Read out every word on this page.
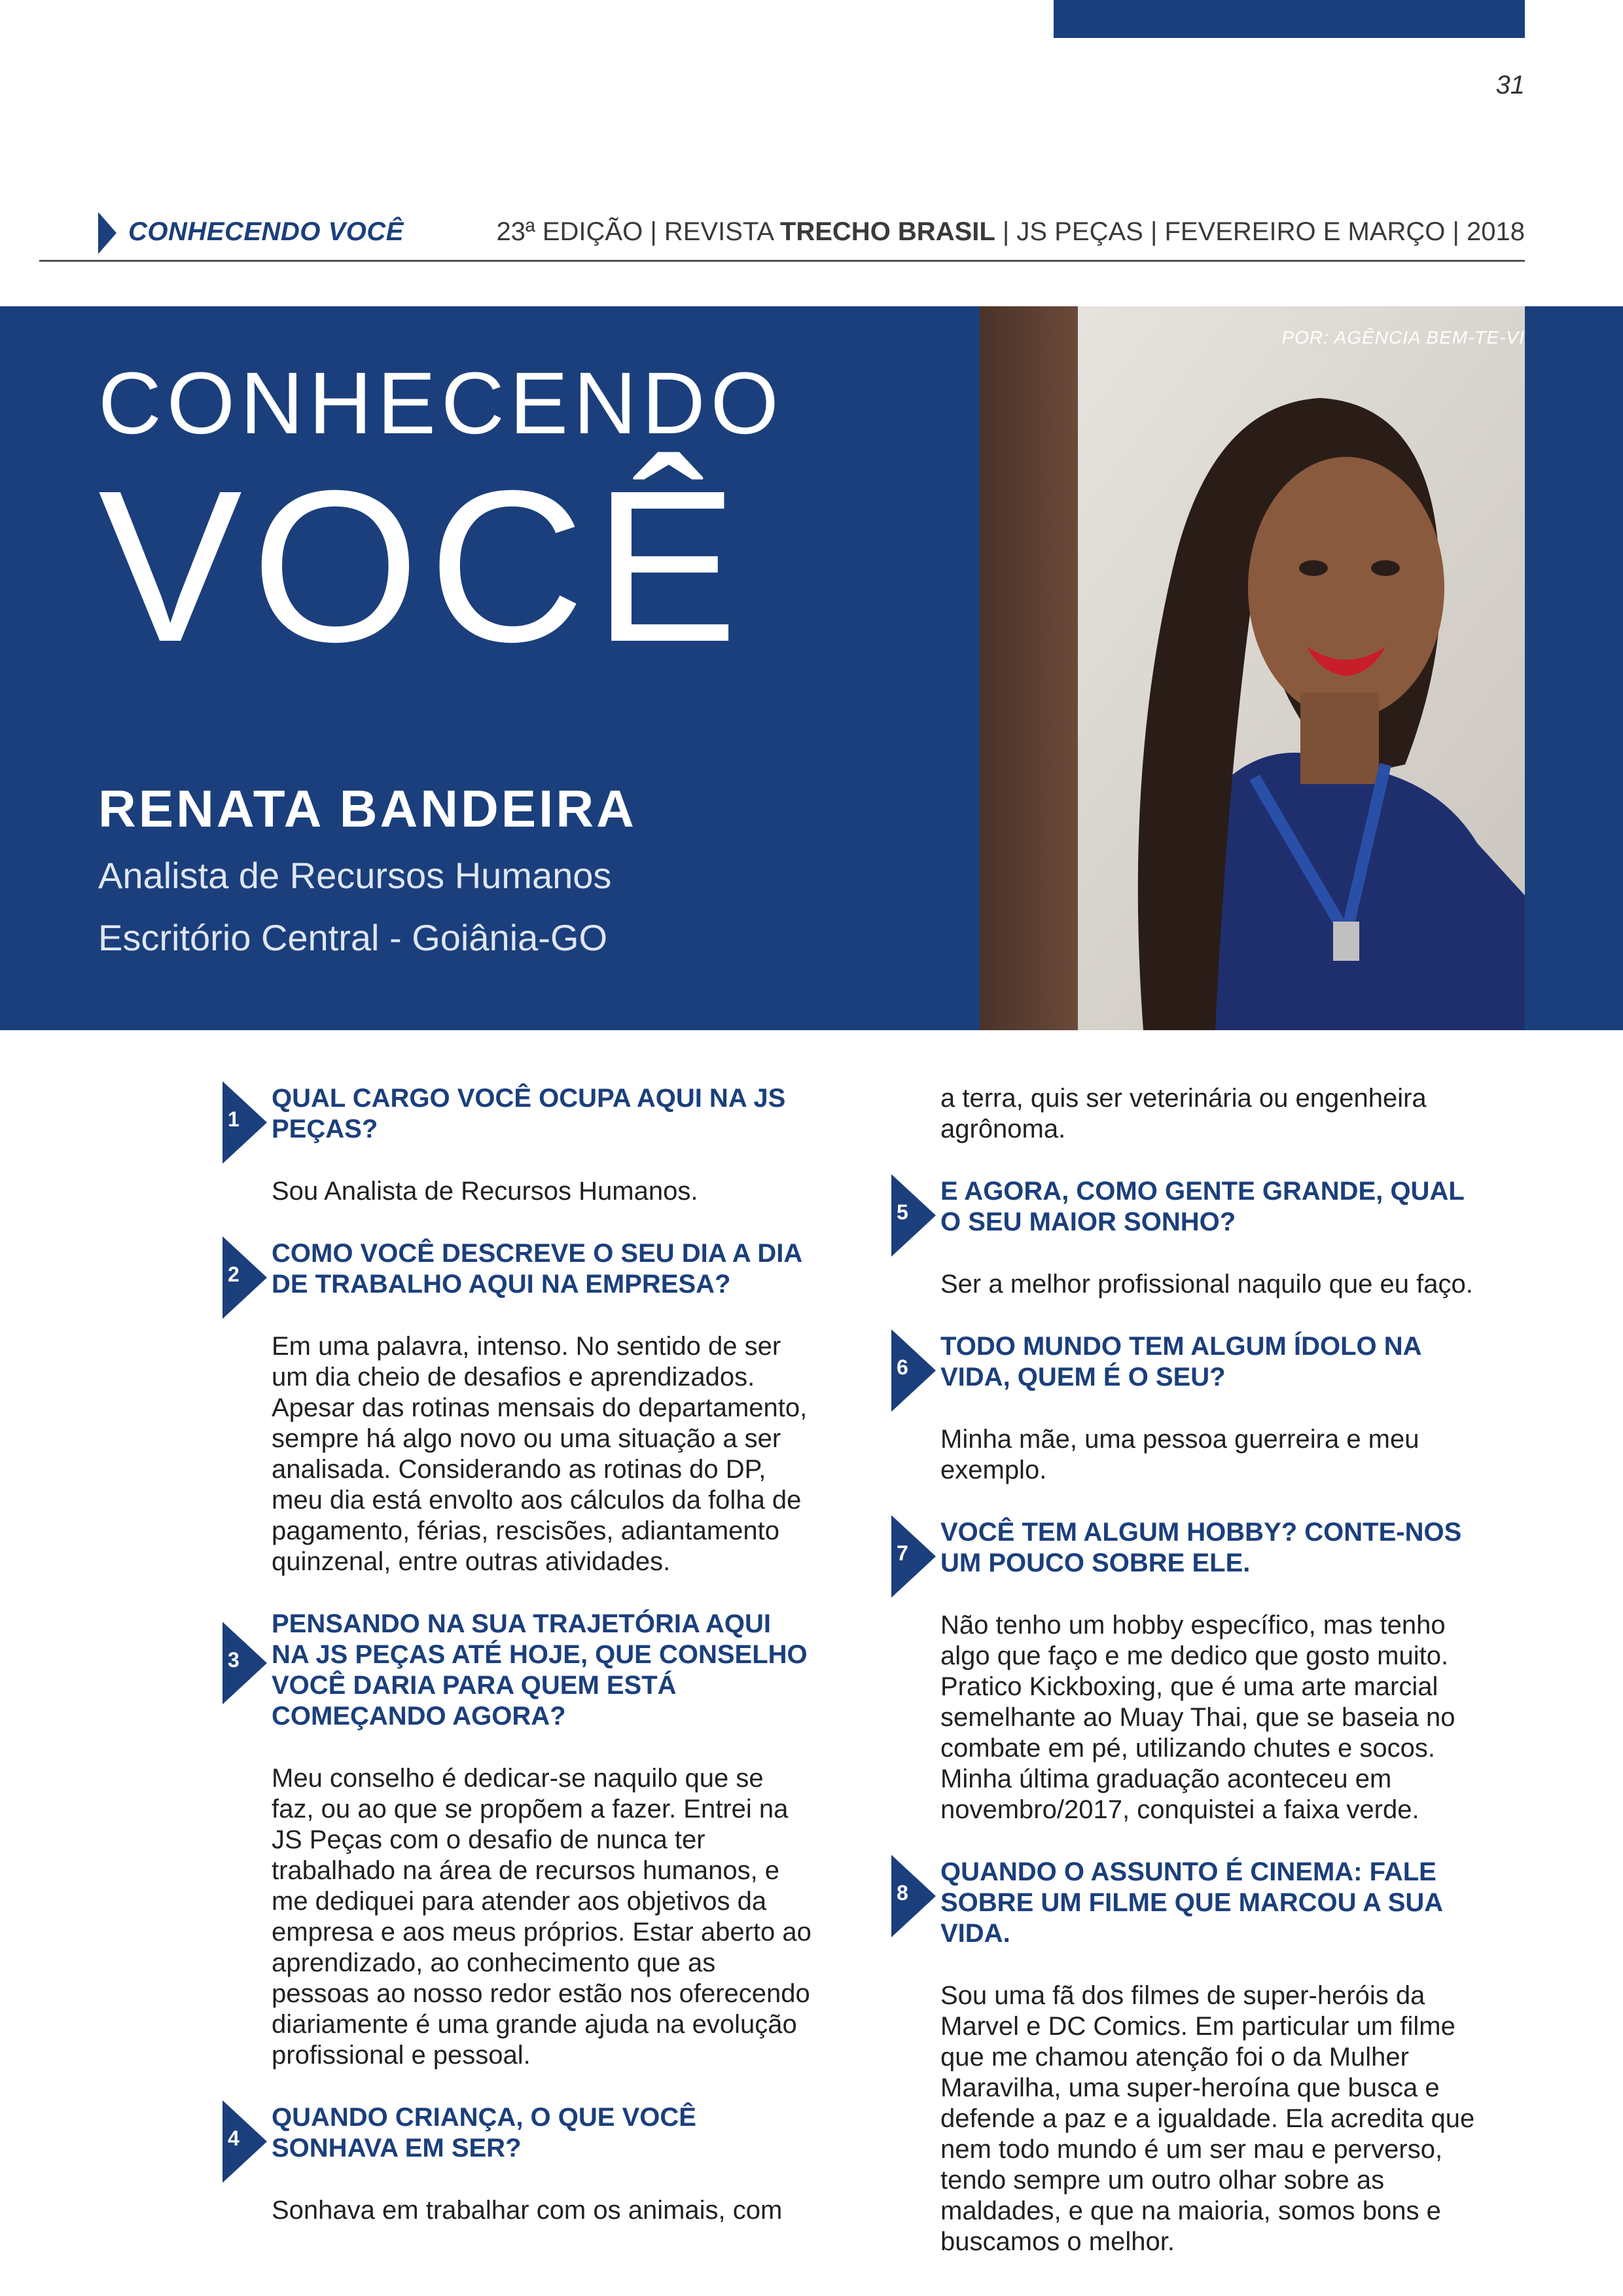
31
CONHECENDO VOCÊ	23ª EDIÇÃO | REVISTA TRECHO BRASIL | JS PEÇAS | FEVEREIRO E MARÇO | 2018
CONHECENDO
VOCÊ
RENATA BANDEIRA
Analista de Recursos Humanos
Escritório Central - Goiânia-GO
POR: AGÊNCIA BEM-TE-VI
1
QUAL CARGO VOCÊ OCUPA AQUI NA JS PEÇAS?
Sou Analista de Recursos Humanos.
2
COMO VOCÊ DESCREVE O SEU DIA A DIA DE TRABALHO AQUI NA EMPRESA?
Em uma palavra, intenso. No sentido de ser um dia cheio de desafios e aprendizados. Apesar das rotinas mensais do departamento, sempre há algo novo ou uma situação a ser analisada. Considerando as rotinas do DP, meu dia está envolto aos cálculos da folha de pagamento, férias, rescisões, adiantamento quinzenal, entre outras atividades.
3
PENSANDO NA SUA TRAJETÓRIA AQUI NA JS PEÇAS ATÉ HOJE, QUE CONSELHO VOCÊ DARIA PARA QUEM ESTÁ COMEÇANDO AGORA?
Meu conselho é dedicar-se naquilo que se faz, ou ao que se propõem a fazer. Entrei na JS Peças com o desafio de nunca ter trabalhado na área de recursos humanos, e me dediquei para atender aos objetivos da empresa e aos meus próprios. Estar aberto ao aprendizado, ao conhecimento que as pessoas ao nosso redor estão nos oferecendo diariamente é uma grande ajuda na evolução profissional e pessoal.
4
QUANDO CRIANÇA, O QUE VOCÊ SONHAVA EM SER?
Sonhava em trabalhar com os animais, com
a terra, quis ser veterinária ou engenheira agrônoma.
5
E AGORA, COMO GENTE GRANDE, QUAL O SEU MAIOR SONHO?
Ser a melhor profissional naquilo que eu faço.
6
TODO MUNDO TEM ALGUM ÍDOLO NA VIDA, QUEM É O SEU?
Minha mãe, uma pessoa guerreira e meu exemplo.
7
VOCÊ TEM ALGUM HOBBY? CONTE-NOS UM POUCO SOBRE ELE.
Não tenho um hobby específico, mas tenho algo que faço e me dedico que gosto muito. Pratico Kickboxing, que é uma arte marcial semelhante ao Muay Thai, que se baseia no combate em pé, utilizando chutes e socos. Minha última graduação aconteceu em novembro/2017, conquistei a faixa verde.
8
QUANDO O ASSUNTO É CINEMA: FALE SOBRE UM FILME QUE MARCOU A SUA VIDA.
Sou uma fã dos filmes de super-heróis da Marvel e DC Comics. Em particular um filme que me chamou atenção foi o da Mulher Maravilha, uma super-heroína que busca e defende a paz e a igualdade. Ela acredita que nem todo mundo é um ser mau e perverso, tendo sempre um outro olhar sobre as maldades, e que na maioria, somos bons e buscamos o melhor.
